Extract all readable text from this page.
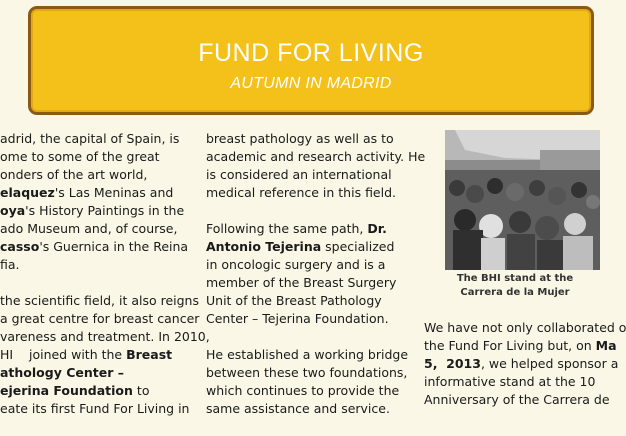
FUND FOR LIVING
AUTUMN IN MADRID

adrid, the capital of Spain, is
ome to some of the great
onders of the art world,
elaquez's Las Meninas and
oya's History Paintings in the
ado Museum and, of course,
casso's Guernica in the Reina
fia.

the scientific field, it also reigns
a great centre for breast cancer
vareness and treatment. In 2010,
HI    joined with the Breast
athology Center –
ejerina Foundation to
eate its first Fund For Living in

breast pathology as well as to
academic and research activity. He
is considered an international
medical reference in this field.

Following the same path, Dr.
Antonio Tejerina specialized
in oncologic surgery and is a
member of the Breast Surgery
Unit of the Breast Pathology
Center – Tejerina Foundation.

He established a working bridge
between these two foundations,
which continues to provide the
same assistance and service.

The BHI stand at the
Carrera de la Mujer

We have not only collaborated o
the Fund For Living but, on Ma
5,  2013, we helped sponsor a
informative stand at the 10
Anniversary of the Carrera de
